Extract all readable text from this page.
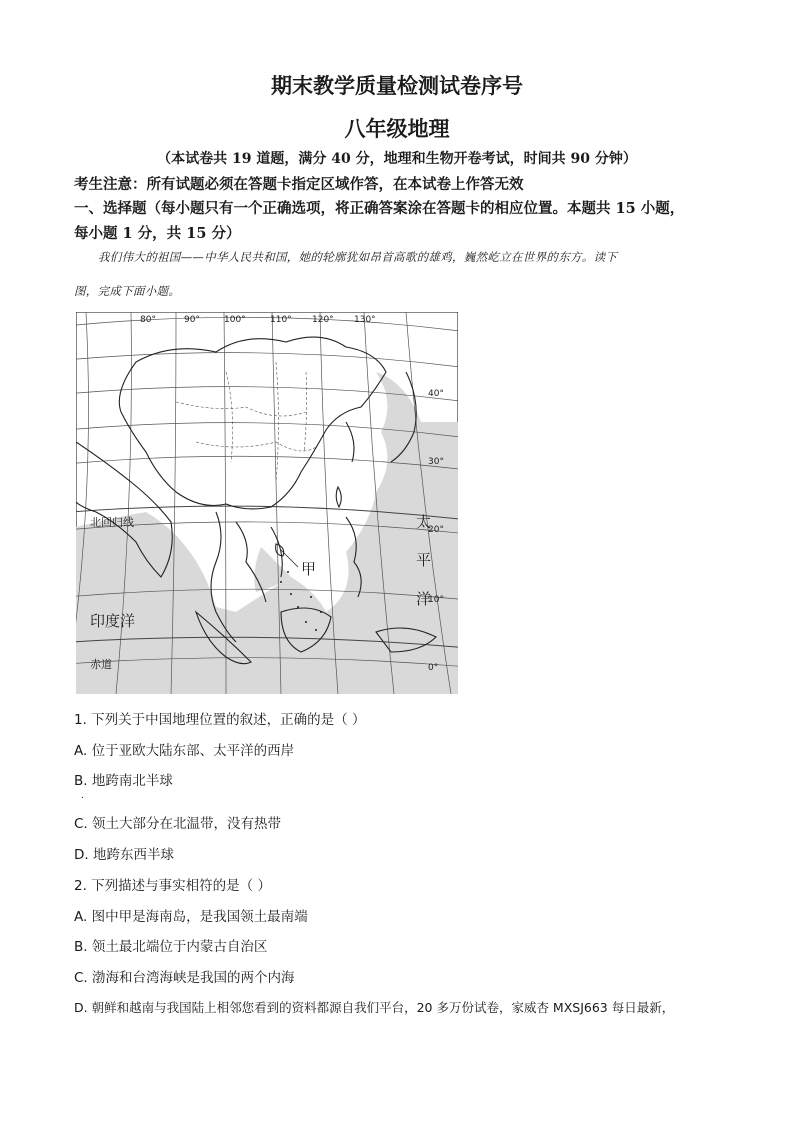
期末教学质量检测试卷序号
八年级地理
（本试卷共 19 道题，满分 40 分，地理和生物开卷考试，时间共 90 分钟）
考生注意：所有试题必须在答题卡指定区域作答，在本试卷上作答无效
一、选择题（每小题只有一个正确选项，将正确答案涂在答题卡的相应位置。本题共 15 小题，
每小题 1 分，共 15 分）
我们伟大的祖国——中华人民共和国，她的轮廓犹如昂首高歌的雄鸡，巍然屹立在世界的东方。读下
图，完成下面小题。
80°	90°	100°	110° 120° 130°
40°
30°
20°
10°
0°
太
平
洋
印度洋
北回归线
赤道
甲
1. 下列关于中国地理位置的叙述，正确的是（ ）
A. 位于亚欧大陆东部、太平洋的西岸
B. 地跨南北半球
.
C. 领土大部分在北温带，没有热带
D. 地跨东西半球
2. 下列描述与事实相符的是（ ）
A. 图中甲是海南岛，是我国领土最南端
B. 领土最北端位于内蒙古自治区
C. 渤海和台湾海峡是我国的两个内海
D. 朝鲜和越南与我国陆上相邻您看到的资料都源自我们平台，20 多万份试卷，家威杏 MXSJ663 每日最新，
